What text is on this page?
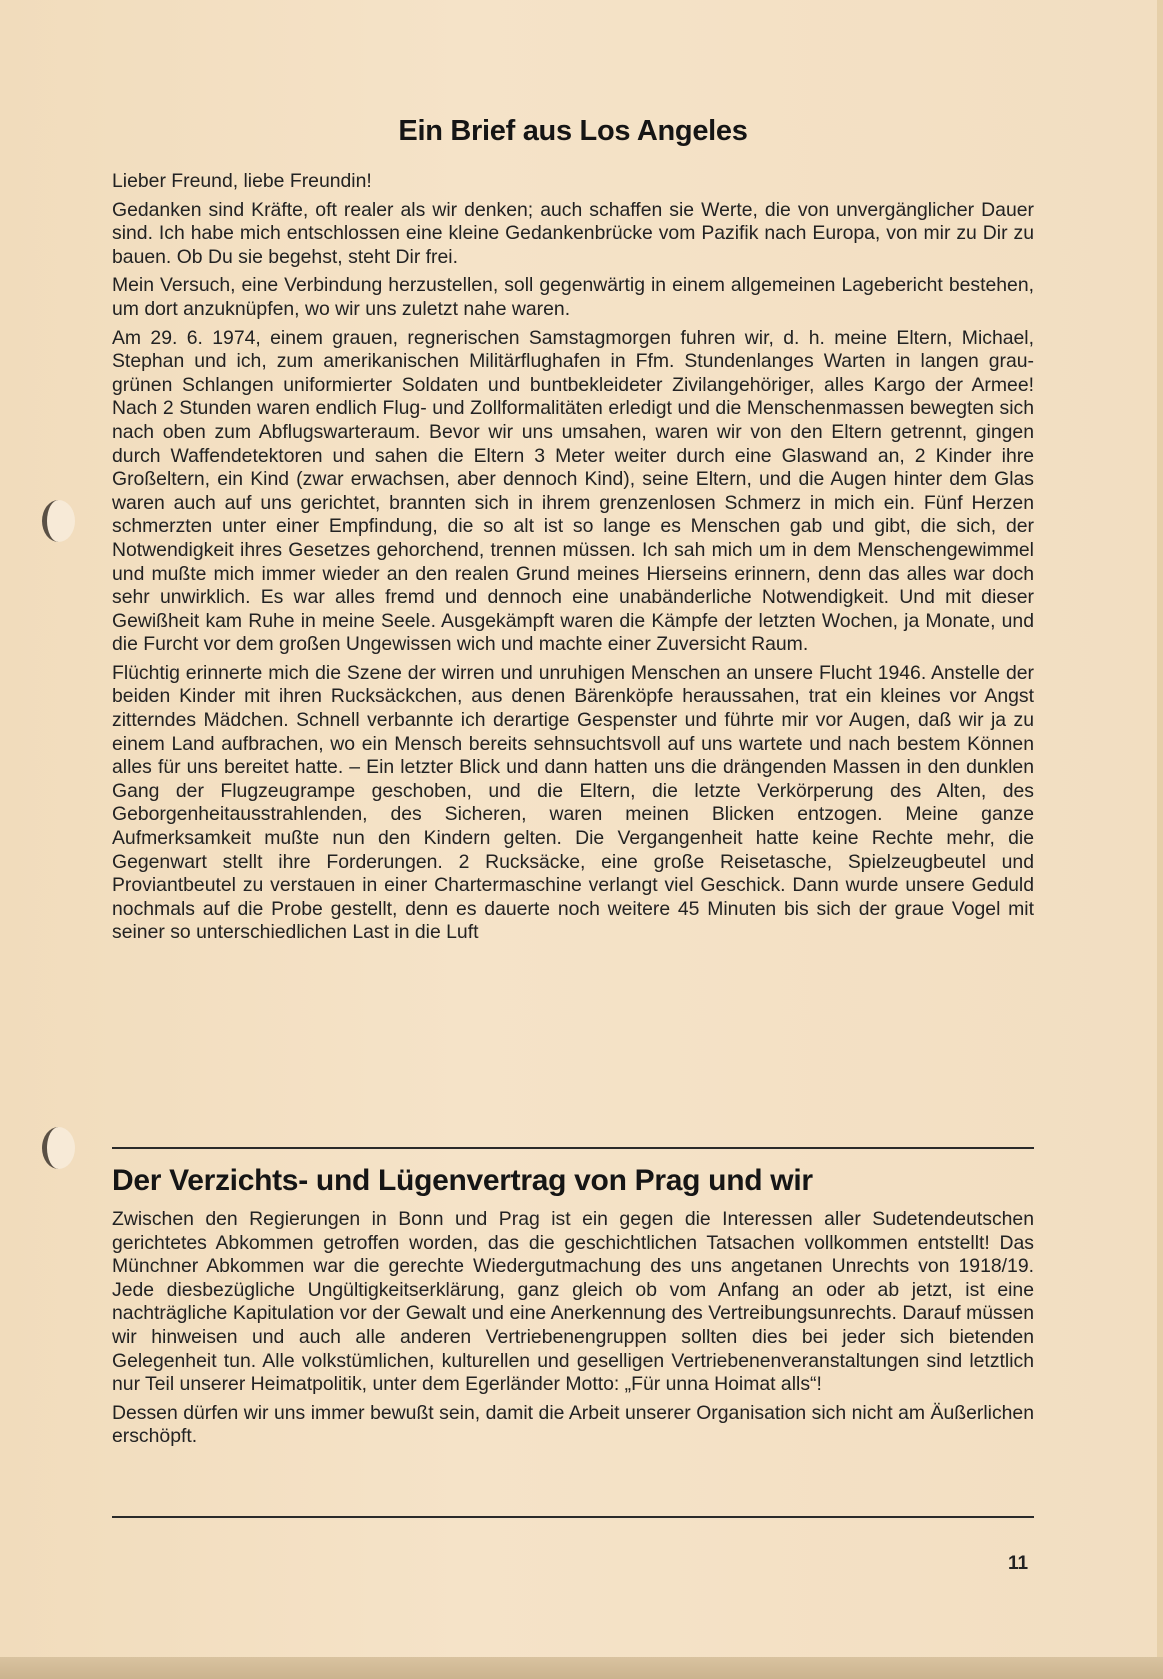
Ein Brief aus Los Angeles

Lieber Freund, liebe Freundin!

Gedanken sind Kräfte, oft realer als wir denken; auch schaffen sie Werte, die von unvergänglicher Dauer sind. Ich habe mich entschlossen eine kleine Gedankenbrücke vom Pazifik nach Europa, von mir zu Dir zu bauen. Ob Du sie begehst, steht Dir frei.

Mein Versuch, eine Verbindung herzustellen, soll gegenwärtig in einem allgemeinen Lagebericht bestehen, um dort anzuknüpfen, wo wir uns zuletzt nahe waren.

Am 29. 6. 1974, einem grauen, regnerischen Samstagmorgen fuhren wir, d. h. meine Eltern, Michael, Stephan und ich, zum amerikanischen Militärflughafen in Ffm. Stundenlanges Warten in langen grau-grünen Schlangen uniformierter Soldaten und buntbekleideter Zivilangehöriger, alles Kargo der Armee! Nach 2 Stunden waren endlich Flug- und Zollformalitäten erledigt und die Menschenmassen bewegten sich nach oben zum Abflugswarteraum. Bevor wir uns umsahen, waren wir von den Eltern getrennt, gingen durch Waffendetektoren und sahen die Eltern 3 Meter weiter durch eine Glaswand an, 2 Kinder ihre Großeltern, ein Kind (zwar erwachsen, aber dennoch Kind), seine Eltern, und die Augen hinter dem Glas waren auch auf uns gerichtet, brannten sich in ihrem grenzenlosen Schmerz in mich ein. Fünf Herzen schmerzten unter einer Empfindung, die so alt ist so lange es Menschen gab und gibt, die sich, der Notwendigkeit ihres Gesetzes gehorchend, trennen müssen. Ich sah mich um in dem Menschengewimmel und mußte mich immer wieder an den realen Grund meines Hierseins erinnern, denn das alles war doch sehr unwirklich. Es war alles fremd und dennoch eine unabänderliche Notwendigkeit. Und mit dieser Gewißheit kam Ruhe in meine Seele. Ausgekämpft waren die Kämpfe der letzten Wochen, ja Monate, und die Furcht vor dem großen Ungewissen wich und machte einer Zuversicht Raum.

Flüchtig erinnerte mich die Szene der wirren und unruhigen Menschen an unsere Flucht 1946. Anstelle der beiden Kinder mit ihren Rucksäckchen, aus denen Bärenköpfe heraussahen, trat ein kleines vor Angst zitterndes Mädchen. Schnell verbannte ich derartige Gespenster und führte mir vor Augen, daß wir ja zu einem Land aufbrachen, wo ein Mensch bereits sehnsuchtsvoll auf uns wartete und nach bestem Können alles für uns bereitet hatte. – Ein letzter Blick und dann hatten uns die drängenden Massen in den dunklen Gang der Flugzeugrampe geschoben, und die Eltern, die letzte Verkörperung des Alten, des Geborgenheitausstrahlenden, des Sicheren, waren meinen Blicken entzogen. Meine ganze Aufmerksamkeit mußte nun den Kindern gelten. Die Vergangenheit hatte keine Rechte mehr, die Gegenwart stellt ihre Forderungen. 2 Rucksäcke, eine große Reisetasche, Spielzeugbeutel und Proviantbeutel zu verstauen in einer Chartermaschine verlangt viel Geschick. Dann wurde unsere Geduld nochmals auf die Probe gestellt, denn es dauerte noch weitere 45 Minuten bis sich der graue Vogel mit seiner so unterschiedlichen Last in die Luft

Der Verzichts- und Lügenvertrag von Prag und wir

Zwischen den Regierungen in Bonn und Prag ist ein gegen die Interessen aller Sudetendeutschen gerichtetes Abkommen getroffen worden, das die geschichtlichen Tatsachen vollkommen entstellt! Das Münchner Abkommen war die gerechte Wiedergutmachung des uns angetanen Unrechts von 1918/19. Jede diesbezügliche Ungültigkeitserklärung, ganz gleich ob vom Anfang an oder ab jetzt, ist eine nachträgliche Kapitulation vor der Gewalt und eine Anerkennung des Vertreibungsunrechts. Darauf müssen wir hinweisen und auch alle anderen Vertriebenengruppen sollten dies bei jeder sich bietenden Gelegenheit tun. Alle volkstümlichen, kulturellen und geselligen Vertriebenenveranstaltungen sind letztlich nur Teil unserer Heimatpolitik, unter dem Egerländer Motto: „Für unna Hoimat alls“!

Dessen dürfen wir uns immer bewußt sein, damit die Arbeit unserer Organisation sich nicht am Äußerlichen erschöpft.

11
